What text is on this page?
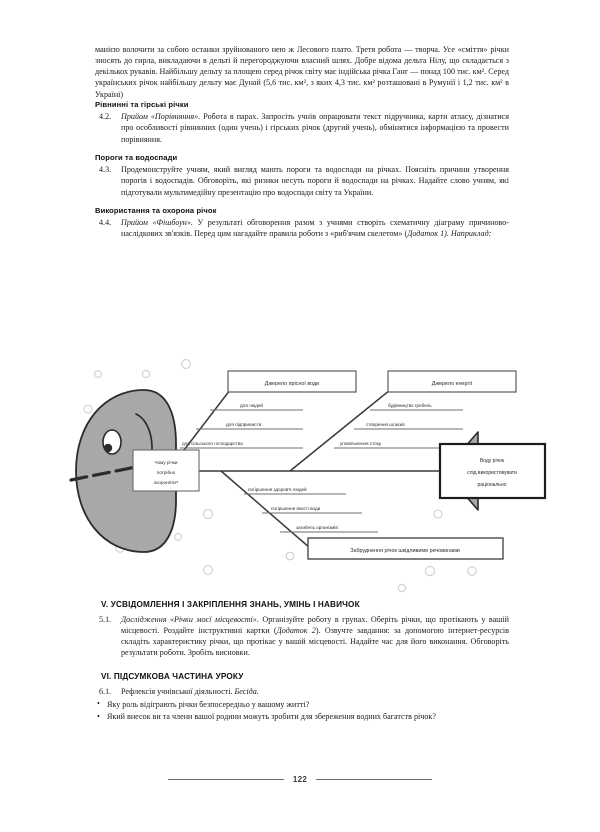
манією волочити за собою останки зруйнованого нею ж Лесового плато. Третя робота — творча. Усе «сміття» річки зносять до гирла, викладаючи в дельті й перегороджуючи власний шлях. Добре відома дельта Нілу, що складається з декількох рукавів. Найбільшу дельту за площею серед річок світу має індійська річка Ганг — понад 100 тис. км². Серед українських річок найбільшу дельту має Дунай (5,6 тис. км², з яких 4,3 тис. км² розташовані в Румунії і 1,2 тис. км² в Україні)

Рівнинні та гірські річки
4.2.	Прийом «Порівняння». Робота в парах. Запросіть учнів опрацювати текст підручника, карти атласу, дізнатися про особливості рівнинних (один учень) і гірських річок (другий учень), обмінятися інформацією та провести порівняння.
Пороги та водоспади
4.3.	Продемонструйте учням, який вигляд мають пороги та водоспади на річках. Поясніть причини утворення порогів і водоспадів. Обговоріть, які ризики несуть пороги й водоспади на річках. Надайте слово учням, які підготували мультимедійну презентацію про водоспади світу та України.
Використання та охорона річок
4.4.	Прийом «Фішбоун». У результаті обговорення разом з учнями створіть схематичну діаграму причиново-наслідкових зв'язків. Перед цим нагадайте правила роботи з «риб'ячим скелетом» (Додаток 1). Наприклад:
Чому річки
потрібно
охороняти?
Джерело прісної води
для людей
для підприємств
для сільського господарства
Джерело енергії
будівництво гребель
створення шлюзів
уповільнення стоку
Забруднення річок шкідливими речовинами
погіршення здоров'я людей
погіршення якості води
загибель організмів
Воду річок
слід використовувати
раціонально
V. УСВІДОМЛЕННЯ І ЗАКРІПЛЕННЯ ЗНАНЬ, УМІНЬ І НАВИЧОК
5.1.	Дослідження «Річки моєї місцевості». Організуйте роботу в групах. Оберіть річки, що протікають у вашій місцевості. Роздайте інструктивні картки (Додаток 2). Озвучте завдання: за допомогою інтернет-ресурсів складіть характеристику річки, що протікає у вашій місцевості. Надайте час для його виконання. Обговоріть результати роботи. Зробіть висновки.
VI. ПІДСУМКОВА ЧАСТИНА УРОКУ
6.1.	Рефлексія учнівської діяльності. Бесіда.
• Яку роль відіграють річки безпосередньо у вашому житті?
• Який внесок ви та члени вашої родини можуть зробити для збереження водних багатств річок?
122
